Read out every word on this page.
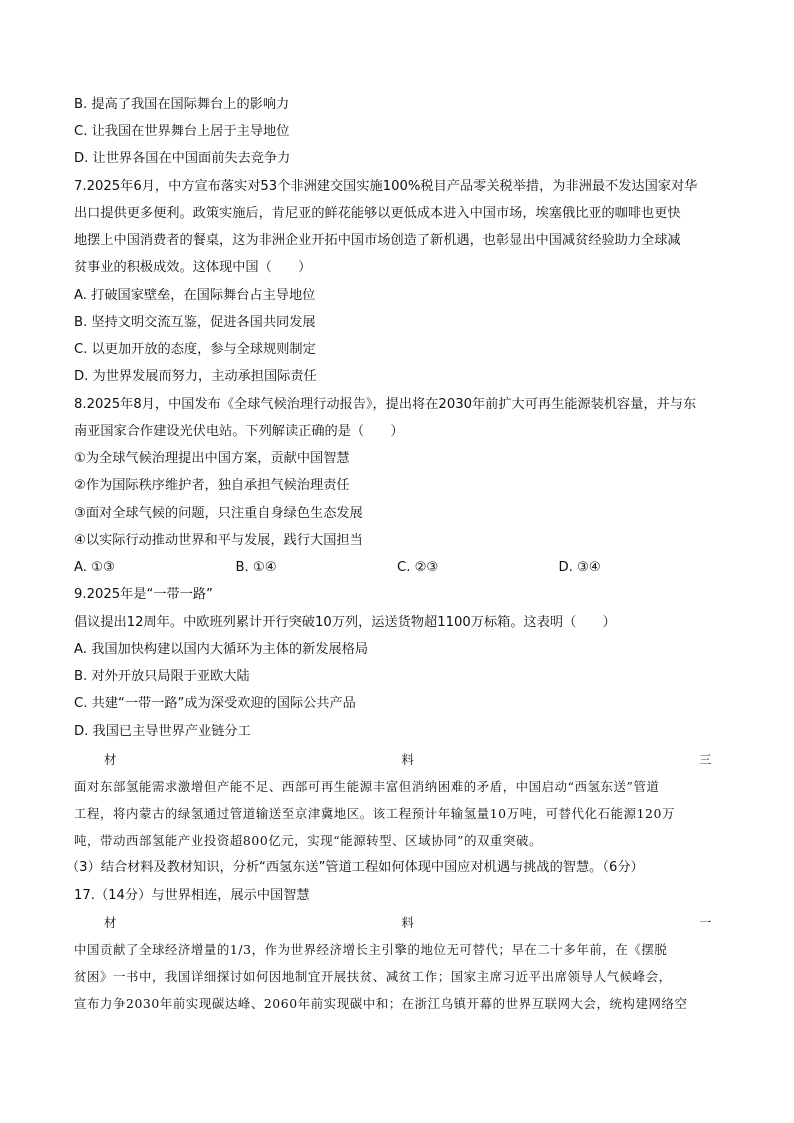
B. 提高了我国在国际舞台上的影响力
C. 让我国在世界舞台上居于主导地位
D. 让世界各国在中国面前失去竞争力
7.2025年6月，中方宣布落实对53个非洲建交国实施100%税目产品零关税举措，为非洲最不发达国家对华
出口提供更多便利。政策实施后，肯尼亚的鲜花能够以更低成本进入中国市场，埃塞俄比亚的咖啡也更快
地摆上中国消费者的餐桌，这为非洲企业开拓中国市场创造了新机遇，也彰显出中国减贫经验助力全球减
贫事业的积极成效。这体现中国（　　）
A. 打破国家壁垒，在国际舞台占主导地位
B. 坚持文明交流互鉴，促进各国共同发展
C. 以更加开放的态度，参与全球规则制定
D. 为世界发展而努力，主动承担国际责任
8.2025年8月，中国发布《全球气候治理行动报告》，提出将在2030年前扩大可再生能源装机容量，并与东
南亚国家合作建设光伏电站。下列解读正确的是（　　）
①为全球气候治理提出中国方案，贡献中国智慧
②作为国际秩序维护者，独自承担气候治理责任
③面对全球气候的问题，只注重自身绿色生态发展
④以实际行动推动世界和平与发展，践行大国担当
A. ①③	B. ①④	C. ②③	D. ③④
9.2025年是“一带一路”
倡议提出12周年。中欧班列累计开行突破10万列，运送货物超1100万标箱。这表明（　　）
A. 我国加快构建以国内大循环为主体的新发展格局
B. 对外开放只局限于亚欧大陆
C. 共建“一带一路”成为深受欢迎的国际公共产品
D. 我国已主导世界产业链分工
材	料	三
面对东部氢能需求激增但产能不足、西部可再生能源丰富但消纳困难的矛盾，中国启动“西氢东送”管道
工程，将内蒙古的绿氢通过管道输送至京津冀地区。该工程预计年输氢量10万吨，可替代化石能源120万
吨，带动西部氢能产业投资超800亿元，实现“能源转型、区域协同”的双重突破。
（3）结合材料及教材知识，分析“西氢东送”管道工程如何体现中国应对机遇与挑战的智慧。（6分）
17.（14分）与世界相连，展示中国智慧
材	料	一
中国贡献了全球经济增量的1/3，作为世界经济增长主引擎的地位无可替代；早在二十多年前，在《摆脱
贫困》一书中，我国详细探讨如何因地制宜开展扶贫、减贫工作；国家主席习近平出席领导人气候峰会，
宣布力争2030年前实现碳达峰、2060年前实现碳中和；在浙江乌镇开幕的世界互联网大会，统构建网络空
